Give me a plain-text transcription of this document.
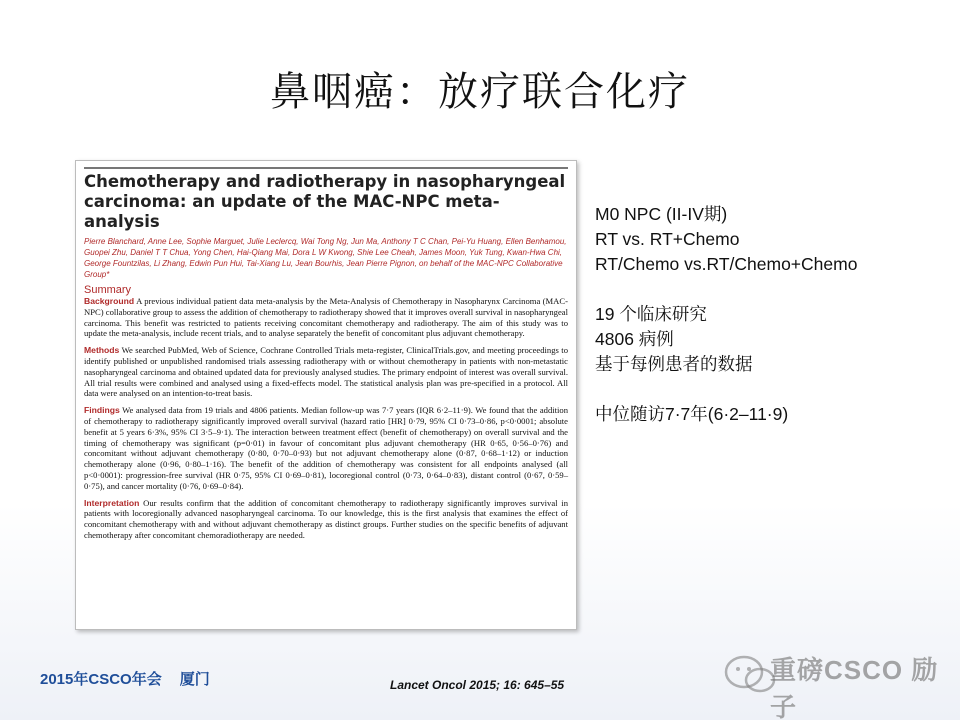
鼻咽癌：放疗联合化疗
Chemotherapy and radiotherapy in nasopharyngeal carcinoma: an update of the MAC-NPC meta-analysis
Pierre Blanchard, Anne Lee, Sophie Marguet, Julie Leclercq, Wai Tong Ng, Jun Ma, Anthony T C Chan, Pei-Yu Huang, Ellen Benhamou, Guopei Zhu, Daniel T T Chua, Yong Chen, Hai-Qiang Mai, Dora L W Kwong, Shie Lee Cheah, James Moon, Yuk Tung, Kwan-Hwa Chi, George Fountzilas, Li Zhang, Edwin Pun Hui, Tai-Xiang Lu, Jean Bourhis, Jean Pierre Pignon, on behalf of the MAC-NPC Collaborative Group*
Summary

Background A previous individual patient data meta-analysis by the Meta-Analysis of Chemotherapy in Nasopharynx Carcinoma (MAC-NPC) collaborative group to assess the addition of chemotherapy to radiotherapy showed that it improves overall survival in nasopharyngeal carcinoma. This benefit was restricted to patients receiving concomitant chemotherapy and radiotherapy. The aim of this study was to update the meta-analysis, include recent trials, and to analyse separately the benefit of concomitant plus adjuvant chemotherapy.

Methods We searched PubMed, Web of Science, Cochrane Controlled Trials meta-register, ClinicalTrials.gov, and meeting proceedings to identify published or unpublished randomised trials assessing radiotherapy with or without chemotherapy in patients with non-metastatic nasopharyngeal carcinoma and obtained updated data for previously analysed studies. The primary endpoint of interest was overall survival. All trial results were combined and analysed using a fixed-effects model. The statistical analysis plan was pre-specified in a protocol. All data were analysed on an intention-to-treat basis.

Findings We analysed data from 19 trials and 4806 patients. Median follow-up was 7·7 years (IQR 6·2–11·9). We found that the addition of chemotherapy to radiotherapy significantly improved overall survival (hazard ratio [HR] 0·79, 95% CI 0·73–0·86, p<0·0001; absolute benefit at 5 years 6·3%, 95% CI 3·5–9·1). The interaction between treatment effect (benefit of chemotherapy) on overall survival and the timing of chemotherapy was significant (p=0·01) in favour of concomitant plus adjuvant chemotherapy (HR 0·65, 0·56–0·76) and concomitant without adjuvant chemotherapy (0·80, 0·70–0·93) but not adjuvant chemotherapy alone (0·87, 0·68–1·12) or induction chemotherapy alone (0·96, 0·80–1·16). The benefit of the addition of chemotherapy was consistent for all endpoints analysed (all p<0·0001): progression-free survival (HR 0·75, 95% CI 0·69–0·81), locoregional control (0·73, 0·64–0·83), distant control (0·67, 0·59–0·75), and cancer mortality (0·76, 0·69–0·84).

Interpretation Our results confirm that the addition of concomitant chemotherapy to radiotherapy significantly improves survival in patients with locoregionally advanced nasopharyngeal carcinoma. To our knowledge, this is the first analysis that examines the effect of concomitant chemotherapy with and without adjuvant chemotherapy as distinct groups. Further studies on the specific benefits of adjuvant chemotherapy after concomitant chemoradiotherapy are needed.

M0 NPC (II-IV期)
RT vs. RT+Chemo
RT/Chemo vs.RT/Chemo+Chemo
19 个临床研究
4806 病例
基于每例患者的数据
中位随访7·7年(6·2–11·9)
2015年CSCO年会 厦门	Lancet Oncol 2015; 16: 645–55	重磅CSCO 励子
